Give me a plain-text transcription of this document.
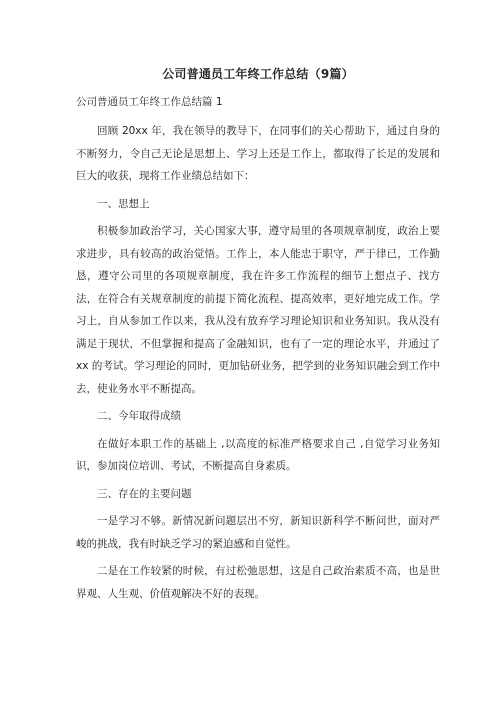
公司普通员工年终工作总结（9篇）
公司普通员工年终工作总结篇 1

回顾 20xx 年，我在领导的教导下，在同事们的关心帮助下，通过自身的不断努力，令自己无论是思想上、学习上还是工作上，都取得了长足的发展和巨大的收获，现将工作业绩总结如下：

一、思想上

积极参加政治学习，关心国家大事，遵守局里的各项规章制度，政治上要求进步，具有较高的政治觉悟。工作上，本人能忠于职守，严于律已，工作勤恳，遵守公司里的各项规章制度，我在许多工作流程的细节上想点子、找方法，在符合有关规章制度的前提下简化流程、提高效率，更好地完成工作。学习上，自从参加工作以来，我从没有放弃学习理论知识和业务知识。我从没有满足于现状，不但掌握和提高了金融知识，也有了一定的理论水平，并通过了 xx 的考试。学习理论的同时，更加钻研业务，把学到的业务知识融会到工作中去，使业务水平不断提高。

二、今年取得成绩

在做好本职工作的基础上 ,以高度的标准严格要求自己 ,自觉学习业务知识，参加岗位培训、考试，不断提高自身素质。

三、存在的主要问题

一是学习不够。新情况新问题层出不穷，新知识新科学不断问世，面对严峻的挑战，我有时缺乏学习的紧迫感和自觉性。

二是在工作较紧的时候，有过松弛思想，这是自己政治素质不高，也是世界观、人生观、价值观解决不好的表现。
